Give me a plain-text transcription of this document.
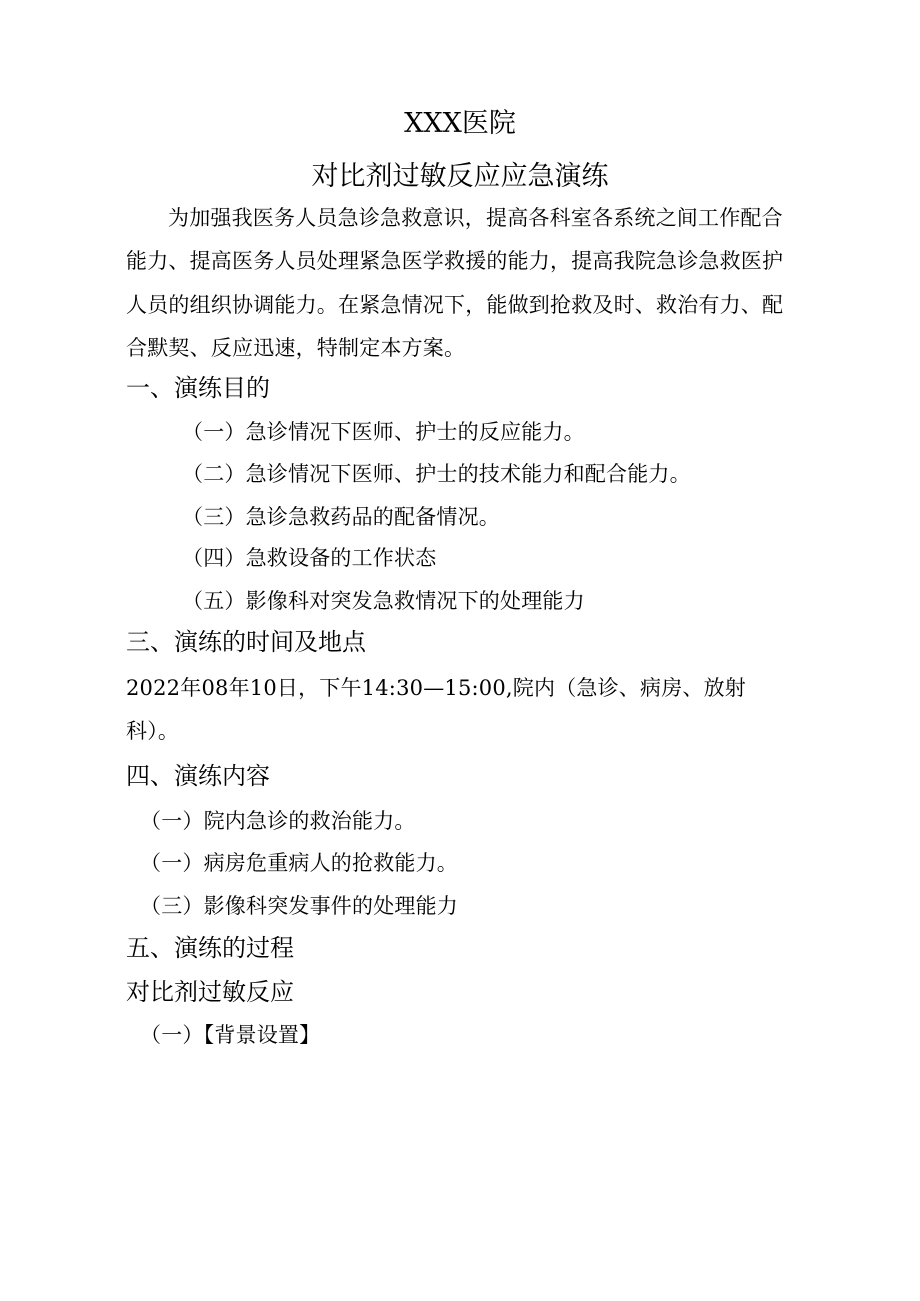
XXX医院
对比剂过敏反应应急演练
为加强我医务人员急诊急救意识，提高各科室各系统之间工作配合
能力、提高医务人员处理紧急医学救援的能力，提高我院急诊急救医护
人员的组织协调能力。在紧急情况下，能做到抢救及时、救治有力、配
合默契、反应迅速，特制定本方案。
一、演练目的
（一）急诊情况下医师、护士的反应能力。
（二）急诊情况下医师、护士的技术能力和配合能力。
（三）急诊急救药品的配备情况。
（四）急救设备的工作状态
（五）影像科对突发急救情况下的处理能力
三、演练的时间及地点
2022年08年10日，下午14:30—15:00,院内（急诊、病房、放射
科）。
四、演练内容
（一）院内急诊的救治能力。
（一）病房危重病人的抢救能力。
（三）影像科突发事件的处理能力
五、演练的过程
对比剂过敏反应
（一）【背景设置】
